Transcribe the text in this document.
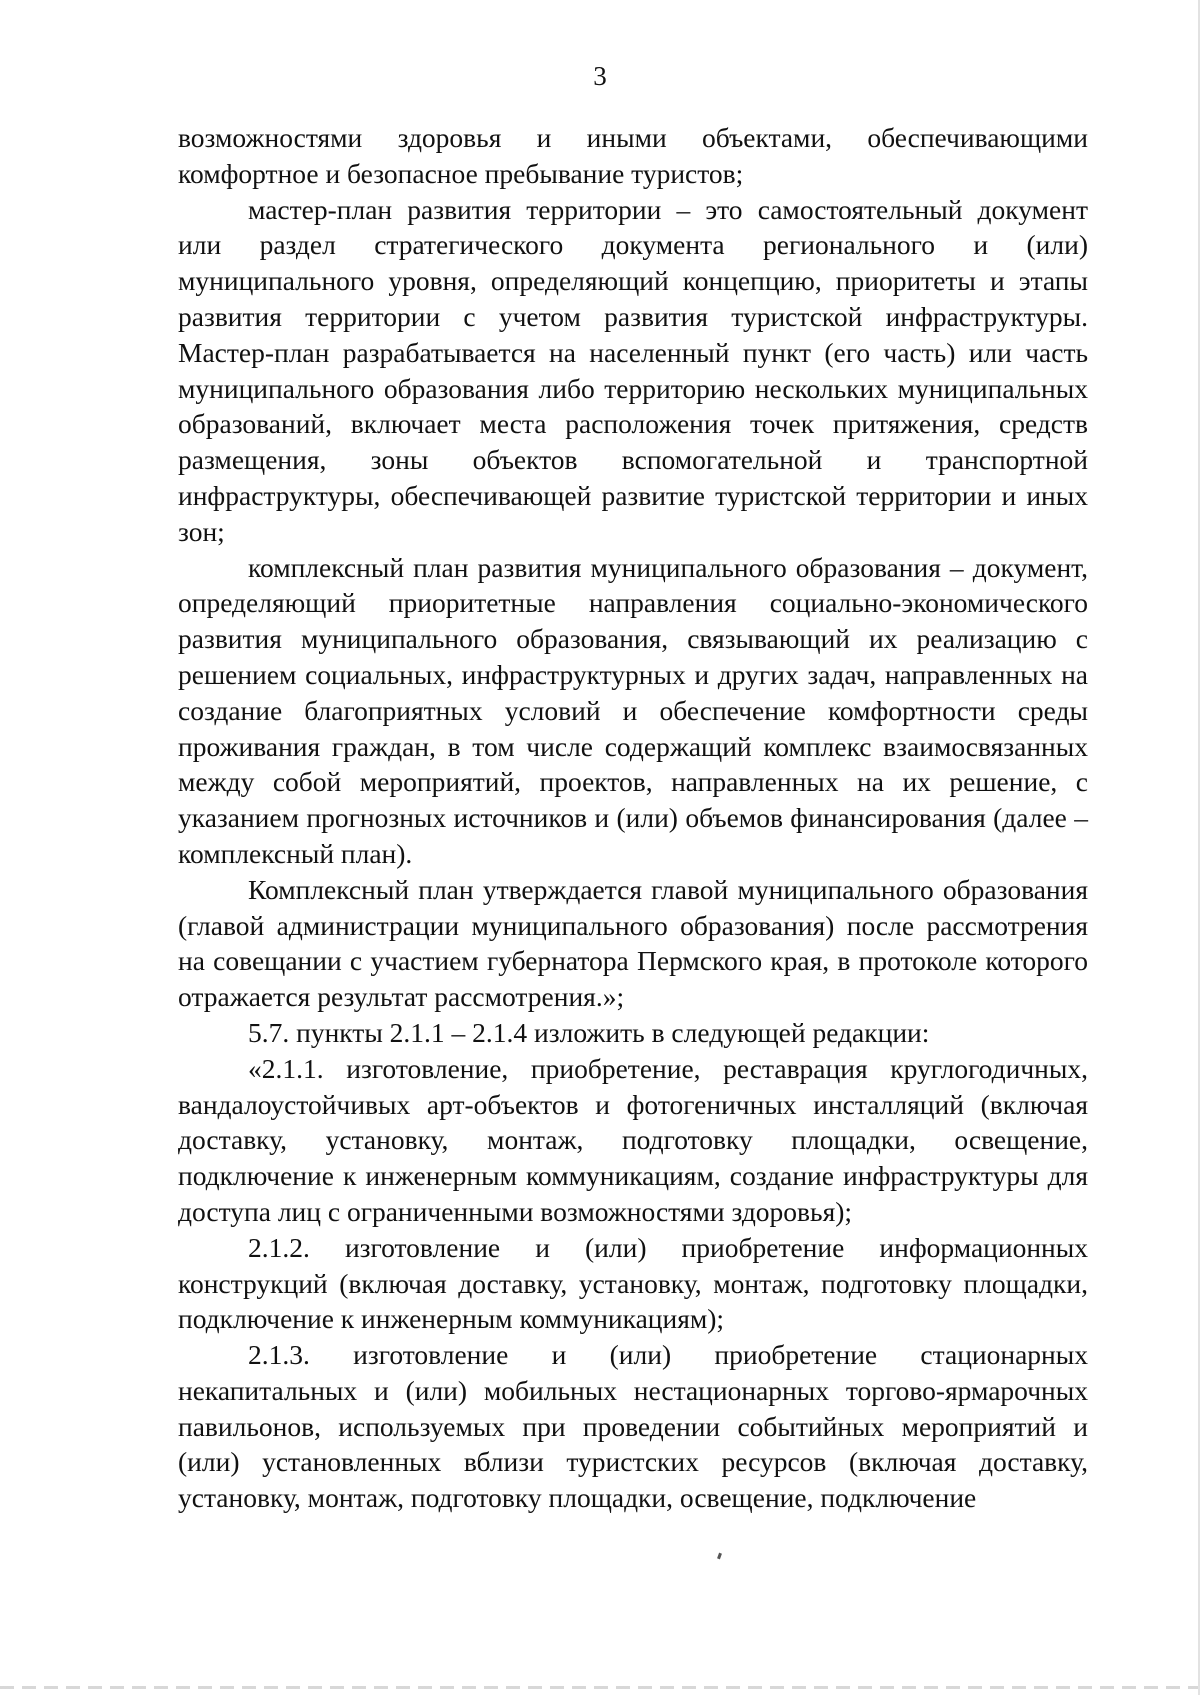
3

возможностями здоровья и иными объектами, обеспечивающими комфортное и безопасное пребывание туристов;

мастер-план развития территории – это самостоятельный документ или раздел стратегического документа регионального и (или) муниципального уровня, определяющий концепцию, приоритеты и этапы развития территории с учетом развития туристской инфраструктуры. Мастер-план разрабатывается на населенный пункт (его часть) или часть муниципального образования либо территорию нескольких муниципальных образований, включает места расположения точек притяжения, средств размещения, зоны объектов вспомогательной и транспортной инфраструктуры, обеспечивающей развитие туристской территории и иных зон;

комплексный план развития муниципального образования – документ, определяющий приоритетные направления социально-экономического развития муниципального образования, связывающий их реализацию с решением социальных, инфраструктурных и других задач, направленных на создание благоприятных условий и обеспечение комфортности среды проживания граждан, в том числе содержащий комплекс взаимосвязанных между собой мероприятий, проектов, направленных на их решение, с указанием прогнозных источников и (или) объемов финансирования (далее – комплексный план).

Комплексный план утверждается главой муниципального образования (главой администрации муниципального образования) после рассмотрения на совещании с участием губернатора Пермского края, в протоколе которого отражается результат рассмотрения.»;

5.7. пункты 2.1.1 – 2.1.4 изложить в следующей редакции:

«2.1.1. изготовление, приобретение, реставрация круглогодичных, вандалоустойчивых арт-объектов и фотогеничных инсталляций (включая доставку, установку, монтаж, подготовку площадки, освещение, подключение к инженерным коммуникациям, создание инфраструктуры для доступа лиц с ограниченными возможностями здоровья);

2.1.2. изготовление и (или) приобретение информационных конструкций (включая доставку, установку, монтаж, подготовку площадки, подключение к инженерным коммуникациям);

2.1.3. изготовление и (или) приобретение стационарных некапитальных и (или) мобильных нестационарных торгово-ярмарочных павильонов, используемых при проведении событийных мероприятий и (или) установленных вблизи туристских ресурсов (включая доставку, установку, монтаж, подготовку площадки, освещение, подключение
